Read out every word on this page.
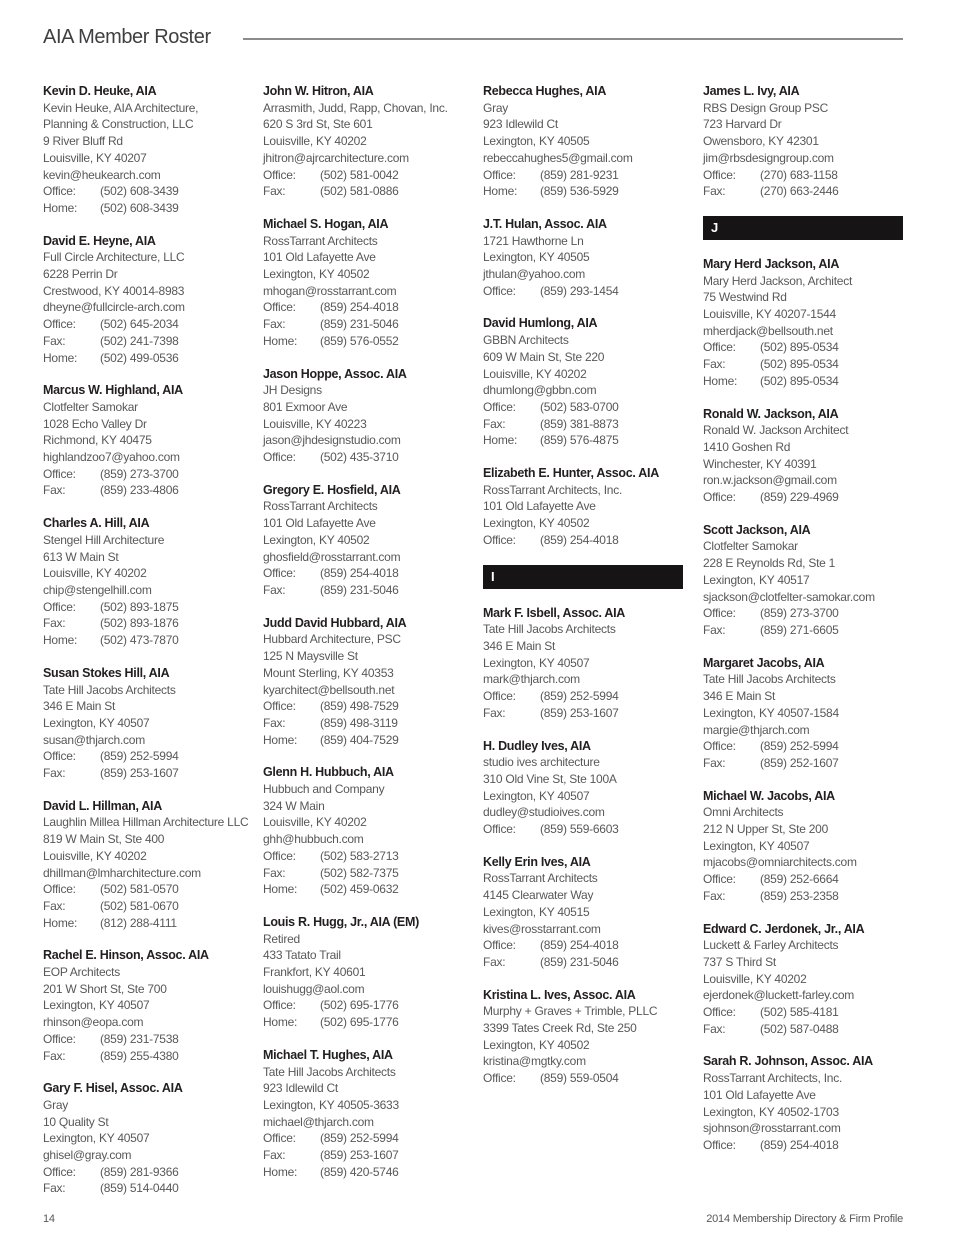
AIA Member Roster
Kevin D. Heuke, AIA
Kevin Heuke, AIA Architecture,
Planning & Construction, LLC
9 River Bluff Rd
Louisville, KY 40207
kevin@heukearch.com
Office:	(502) 608-3439
Home:	(502) 608-3439
David E. Heyne, AIA
Full Circle Architecture, LLC
6228 Perrin Dr
Crestwood, KY 40014-8983
dheyne@fullcircle-arch.com
Office:	(502) 645-2034
Fax:	(502) 241-7398
Home:	(502) 499-0536
Marcus W. Highland, AIA
Clotfelter Samokar
1028 Echo Valley Dr
Richmond, KY 40475
highlandzoo7@yahoo.com
Office:	(859) 273-3700
Fax:	(859) 233-4806
Charles A. Hill, AIA
Stengel Hill Architecture
613 W Main St
Louisville, KY 40202
chip@stengelhill.com
Office:	(502) 893-1875
Fax:	(502) 893-1876
Home:	(502) 473-7870
Susan Stokes Hill, AIA
Tate Hill Jacobs Architects
346 E Main St
Lexington, KY 40507
susan@thjarch.com
Office:	(859) 252-5994
Fax:	(859) 253-1607
David L. Hillman, AIA
Laughlin Millea Hillman Architecture LLC
819 W Main St, Ste 400
Louisville, KY 40202
dhillman@lmharchitecture.com
Office:	(502) 581-0570
Fax:	(502) 581-0670
Home:	(812) 288-4111
Rachel E. Hinson, Assoc. AIA
EOP Architects
201 W Short St, Ste 700
Lexington, KY 40507
rhinson@eopa.com
Office:	(859) 231-7538
Fax:	(859) 255-4380
Gary F. Hisel, Assoc. AIA
Gray
10 Quality St
Lexington, KY 40507
ghisel@gray.com
Office:	(859) 281-9366
Fax:	(859) 514-0440
John W. Hitron, AIA
Arrasmith, Judd, Rapp, Chovan, Inc.
620 S 3rd St, Ste 601
Louisville, KY 40202
jhitron@ajrcarchitecture.com
Office:	(502) 581-0042
Fax:	(502) 581-0886
Michael S. Hogan, AIA
RossTarrant Architects
101 Old Lafayette Ave
Lexington, KY 40502
mhogan@rosstarrant.com
Office:	(859) 254-4018
Fax:	(859) 231-5046
Home:	(859) 576-0552
Jason Hoppe, Assoc. AIA
JH Designs
801 Exmoor Ave
Louisville, KY 40223
jason@jhdesignstudio.com
Office:	(502) 435-3710
Gregory E. Hosfield, AIA
RossTarrant Architects
101 Old Lafayette Ave
Lexington, KY 40502
ghosfield@rosstarrant.com
Office:	(859) 254-4018
Fax:	(859) 231-5046
Judd David Hubbard, AIA
Hubbard Architecture, PSC
125 N Maysville St
Mount Sterling, KY 40353
kyarchitect@bellsouth.net
Office:	(859) 498-7529
Fax:	(859) 498-3119
Home:	(859) 404-7529
Glenn H. Hubbuch, AIA
Hubbuch and Company
324 W Main
Louisville, KY 40202
ghh@hubbuch.com
Office:	(502) 583-2713
Fax:	(502) 582-7375
Home:	(502) 459-0632
Louis R. Hugg, Jr., AIA (EM)
Retired
433 Tatato Trail
Frankfort, KY 40601
louishugg@aol.com
Office:	(502) 695-1776
Home:	(502) 695-1776
Michael T. Hughes, AIA
Tate Hill Jacobs Architects
923 Idlewild Ct
Lexington, KY 40505-3633
michael@thjarch.com
Office:	(859) 252-5994
Fax:	(859) 253-1607
Home:	(859) 420-5746
Rebecca Hughes, AIA
Gray
923 Idlewild Ct
Lexington, KY 40505
rebeccahughes5@gmail.com
Office:	(859) 281-9231
Home:	(859) 536-5929
J.T. Hulan, Assoc. AIA
1721 Hawthorne Ln
Lexington, KY 40505
jthulan@yahoo.com
Office:	(859) 293-1454
David Humlong, AIA
GBBN Architects
609 W Main St, Ste 220
Louisville, KY 40202
dhumlong@gbbn.com
Office:	(502) 583-0700
Fax:	(859) 381-8873
Home:	(859) 576-4875
Elizabeth E. Hunter, Assoc. AIA
RossTarrant Architects, Inc.
101 Old Lafayette Ave
Lexington, KY 40502
Office:	(859) 254-4018
I
Mark F. Isbell, Assoc. AIA
Tate Hill Jacobs Architects
346 E Main St
Lexington, KY 40507
mark@thjarch.com
Office:	(859) 252-5994
Fax:	(859) 253-1607
H. Dudley Ives, AIA
studio ives architecture
310 Old Vine St, Ste 100A
Lexington, KY 40507
dudley@studioives.com
Office:	(859) 559-6603
Kelly Erin Ives, AIA
RossTarrant Architects
4145 Clearwater Way
Lexington, KY 40515
kives@rosstarrant.com
Office:	(859) 254-4018
Fax:	(859) 231-5046
Kristina L. Ives, Assoc. AIA
Murphy + Graves + Trimble, PLLC
3399 Tates Creek Rd, Ste 250
Lexington, KY 40502
kristina@mgtky.com
Office:	(859) 559-0504
James L. Ivy, AIA
RBS Design Group PSC
723 Harvard Dr
Owensboro, KY 42301
jim@rbsdesigngroup.com
Office:	(270) 683-1158
Fax:	(270) 663-2446
J
Mary Herd Jackson, AIA
Mary Herd Jackson, Architect
75 Westwind Rd
Louisville, KY 40207-1544
mherdjack@bellsouth.net
Office:	(502) 895-0534
Fax:	(502) 895-0534
Home:	(502) 895-0534
Ronald W. Jackson, AIA
Ronald W. Jackson Architect
1410 Goshen Rd
Winchester, KY 40391
ron.w.jackson@gmail.com
Office:	(859) 229-4969
Scott Jackson, AIA
Clotfelter Samokar
228 E Reynolds Rd, Ste 1
Lexington, KY 40517
sjackson@clotfelter-samokar.com
Office:	(859) 273-3700
Fax:	(859) 271-6605
Margaret Jacobs, AIA
Tate Hill Jacobs Architects
346 E Main St
Lexington, KY 40507-1584
margie@thjarch.com
Office:	(859) 252-5994
Fax:	(859) 252-1607
Michael W. Jacobs, AIA
Omni Architects
212 N Upper St, Ste 200
Lexington, KY 40507
mjacobs@omniarchitects.com
Office:	(859) 252-6664
Fax:	(859) 253-2358
Edward C. Jerdonek, Jr., AIA
Luckett & Farley Architects
737 S Third St
Louisville, KY 40202
ejerdonek@luckett-farley.com
Office:	(502) 585-4181
Fax:	(502) 587-0488
Sarah R. Johnson, Assoc. AIA
RossTarrant Architects, Inc.
101 Old Lafayette Ave
Lexington, KY 40502-1703
sjohnson@rosstarrant.com
Office:	(859) 254-4018
14	2014 Membership Directory & Firm Profile
